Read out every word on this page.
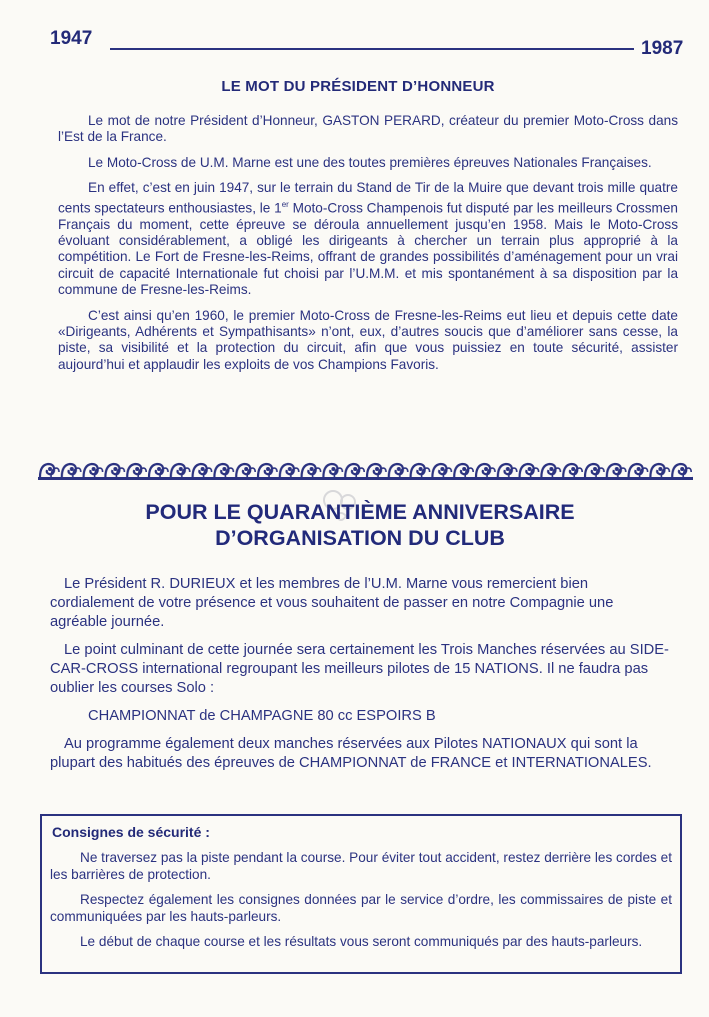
1947	1987
LE MOT DU PRÉSIDENT D’HONNEUR

Le mot de notre Président d’Honneur, GASTON PERARD, créateur du premier Moto-Cross dans l’Est de la France.

Le Moto-Cross de U.M. Marne est une des toutes premières épreuves Nationales Françaises.

En effet, c’est en juin 1947, sur le terrain du Stand de Tir de la Muire que devant trois mille quatre cents spectateurs enthousiastes, le 1er Moto-Cross Champenois fut disputé par les meilleurs Crossmen Français du moment, cette épreuve se déroula annuellement jusqu’en 1958. Mais le Moto-Cross évoluant considérablement, a obligé les dirigeants à chercher un terrain plus approprié à la compétition. Le Fort de Fresne-les-Reims, offrant de grandes possibilités d’aménagement pour un vrai circuit de capacité Internationale fut choisi par l’U.M.M. et mis spontanément à sa disposition par la commune de Fresne-les-Reims.

C’est ainsi qu’en 1960, le premier Moto-Cross de Fresne-les-Reims eut lieu et depuis cette date «Dirigeants, Adhérents et Sympathisants» n’ont, eux, d’autres soucis que d’améliorer sans cesse, la piste, sa visibilité et la protection du circuit, afin que vous puissiez en toute sécurité, assister aujourd’hui et applaudir les exploits de vos Champions Favoris.

POUR LE QUARANTIÈME ANNIVERSAIRE
D’ORGANISATION DU CLUB

Le Président R. DURIEUX et les membres de l’U.M. Marne vous remercient bien cordialement de votre présence et vous souhaitent de passer en notre Compagnie une agréable journée.

Le point culminant de cette journée sera certainement les Trois Manches réservées au SIDE-CAR-CROSS international regroupant les meilleurs pilotes de 15 NATIONS. Il ne faudra pas oublier les courses Solo :

CHAMPIONNAT de CHAMPAGNE 80 cc ESPOIRS B

Au programme également deux manches réservées aux Pilotes NATIONAUX qui sont la plupart des habitués des épreuves de CHAMPIONNAT de FRANCE et INTERNATIONALES.

Consignes de sécurité :

Ne traversez pas la piste pendant la course. Pour éviter tout accident, restez derrière les cordes et les barrières de protection.

Respectez également les consignes données par le service d’ordre, les commissaires de piste et communiquées par les hauts-parleurs.

Le début de chaque course et les résultats vous seront communiqués par des hauts-parleurs.
